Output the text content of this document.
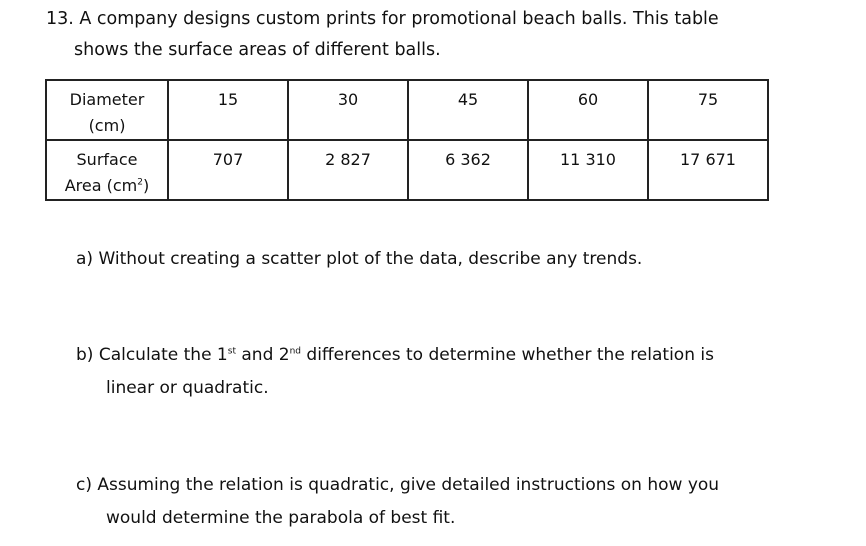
13. A company designs custom prints for promotional beach balls. This table
shows the surface areas of different balls.
Diameter
(cm)	15	30	45	60	75
Surface
Area $(cm^2)$	707	2 827	6 362	11 310	17 671
a) Without creating a scatter plot of the data, describe any trends.
b) Calculate the 1st and 2nd differences to determine whether the relation is
linear or quadratic.
c) Assuming the relation is quadratic, give detailed instructions on how you
would determine the parabola of best fit.
